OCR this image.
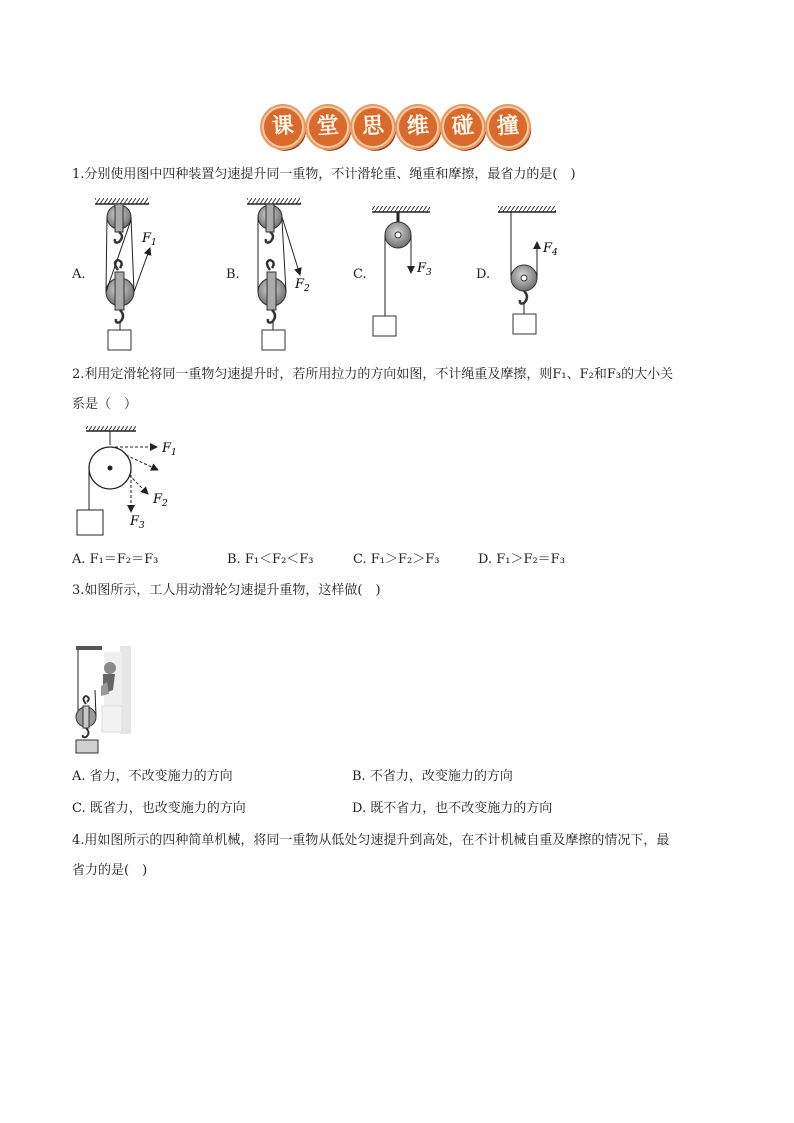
课 堂 思 维 碰 撞
1.分别使用图中四种装置匀速提升同一重物，不计滑轮重、绳重和摩擦，最省力的是(　)
A.	B.	C.	D.
$F_1$
$F_2$
$F_3$
$F_4$
2.利用定滑轮将同一重物匀速提升时，若所用拉力的方向如图，不计绳重及摩擦，则F₁、F₂和F₃的大小关
系是（　）
$F_1$
$F_2$
$F_3$
A. F₁＝F₂＝F₃	B. F₁＜F₂＜F₃	C. F₁＞F₂＞F₃	D. F₁＞F₂＝F₃
3.如图所示，工人用动滑轮匀速提升重物，这样做(　)
A. 省力，不改变施力的方向	B. 不省力，改变施力的方向
C. 既省力，也改变施力的方向	D. 既不省力，也不改变施力的方向
4.用如图所示的四种简单机械，将同一重物从低处匀速提升到高处，在不计机械自重及摩擦的情况下，最
省力的是(　)
